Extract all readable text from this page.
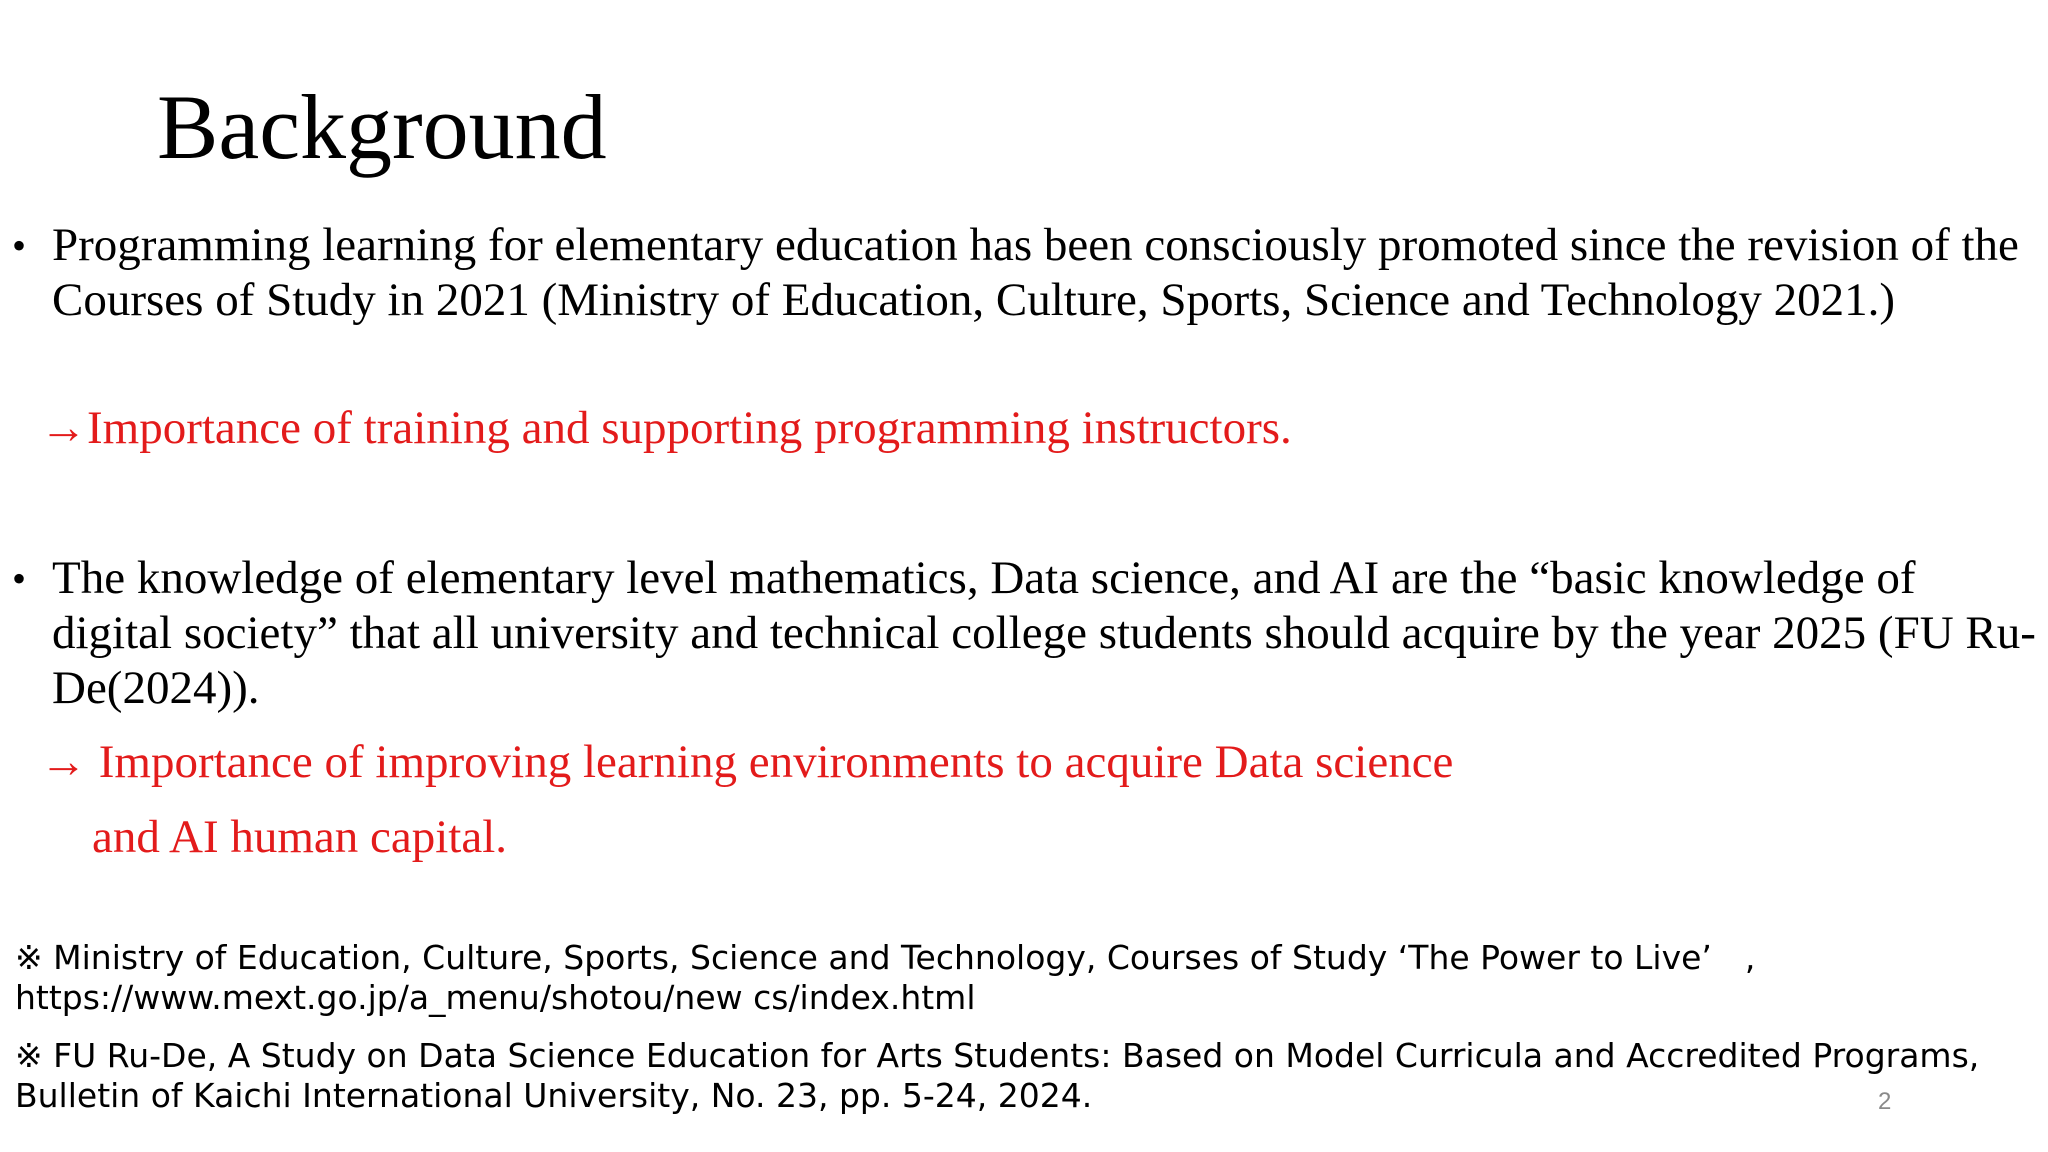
Background
• Programming learning for elementary education has been consciously promoted since the revision of the Courses of Study in 2021 (Ministry of Education, Culture, Sports, Science and Technology 2021.)
→Importance of training and supporting programming instructors.
• The knowledge of elementary level mathematics, Data science, and AI are the “basic knowledge of digital society” that all university and technical college students should acquire by the year 2025 (FU Ru-De(2024)).
→ Importance of improving learning environments to acquire Data science
and AI human capital.
※ Ministry of Education, Culture, Sports, Science and Technology, Courses of Study ‘The Power to Live’　, https://www.mext.go.jp/a_menu/shotou/new cs/index.html
※ FU Ru-De, A Study on Data Science Education for Arts Students: Based on Model Curricula and Accredited Programs, Bulletin of Kaichi International University, No. 23, pp. 5-24, 2024.	2
